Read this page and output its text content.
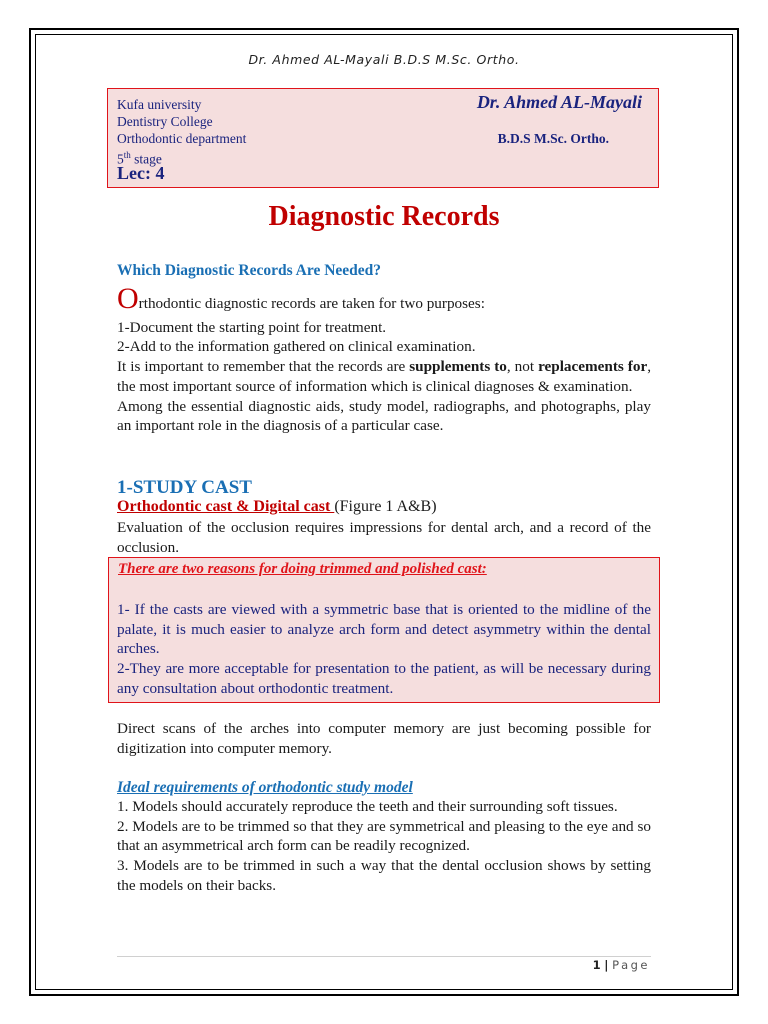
Dr. Ahmed AL-Mayali B.D.S M.Sc. Ortho.
Kufa university
Dentistry College
Orthodontic department
5th stage
Lec: 4
Dr. Ahmed AL-Mayali
B.D.S M.Sc. Ortho.
Diagnostic Records
Which Diagnostic Records Are Needed?

Orthodontic diagnostic records are taken for two purposes:

1-Document the starting point for treatment.

2-Add to the information gathered on clinical examination.

It is important to remember that the records are supplements to, not replacements for, the most important source of information which is clinical diagnoses & examination.

Among the essential diagnostic aids, study model, radiographs, and photographs, play an important role in the diagnosis of a particular case.

1-STUDY CAST
Orthodontic cast & Digital cast (Figure 1 A&B)
Evaluation of the occlusion requires impressions for dental arch, and a record of the occlusion.
There are two reasons for doing trimmed and polished cast:

1- If the casts are viewed with a symmetric base that is oriented to the midline of the palate, it is much easier to analyze arch form and detect asymmetry within the dental arches.

2-They are more acceptable for presentation to the patient, as will be necessary during any consultation about orthodontic treatment.

Direct scans of the arches into computer memory are just becoming possible for digitization into computer memory.
Ideal requirements of orthodontic study model

1. Models should accurately reproduce the teeth and their surrounding soft tissues.

2. Models are to be trimmed so that they are symmetrical and pleasing to the eye and so that an asymmetrical arch form can be readily recognized.

3. Models are to be trimmed in such a way that the dental occlusion shows by setting the models on their backs.

1 | Page
